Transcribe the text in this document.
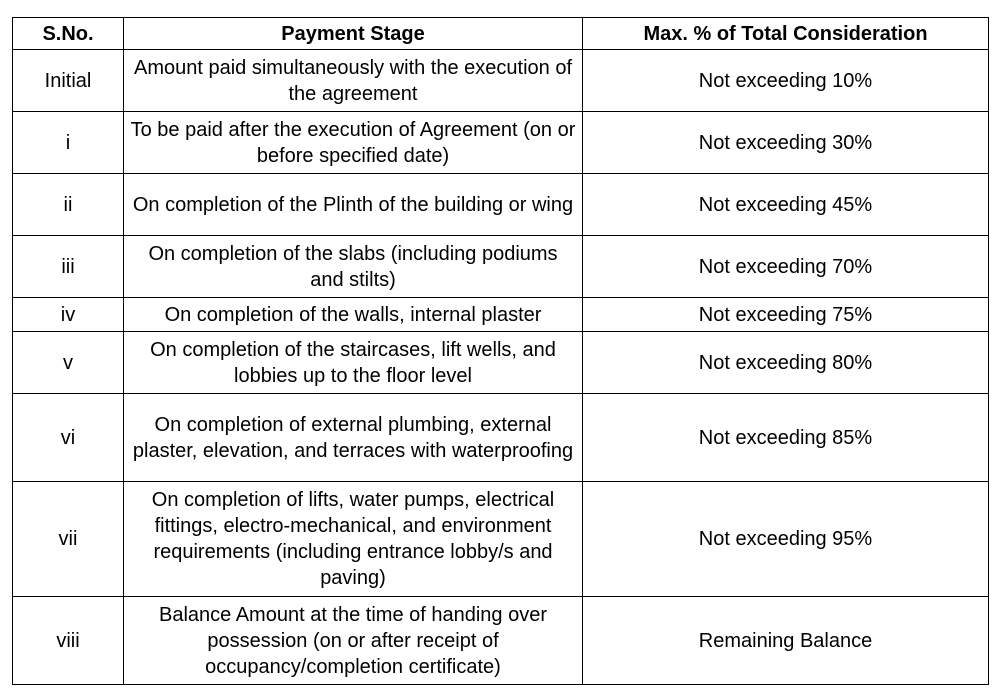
S.No.	Payment Stage	Max. % of Total Consideration
Initial	Amount paid simultaneously with the execution of the agreement	Not exceeding 10%
i	To be paid after the execution of Agreement (on or before specified date)	Not exceeding 30%
ii	On completion of the Plinth of the building or wing	Not exceeding 45%
iii	On completion of the slabs (including podiums and stilts)	Not exceeding 70%
iv	On completion of the walls, internal plaster	Not exceeding 75%
v	On completion of the staircases, lift wells, and lobbies up to the floor level	Not exceeding 80%
vi	On completion of external plumbing, external plaster, elevation, and terraces with waterproofing	Not exceeding 85%
vii	On completion of lifts, water pumps, electrical fittings, electro-mechanical, and environment requirements (including entrance lobby/s and paving)	Not exceeding 95%
viii	Balance Amount at the time of handing over possession (on or after receipt of occupancy/completion certificate)	Remaining Balance
